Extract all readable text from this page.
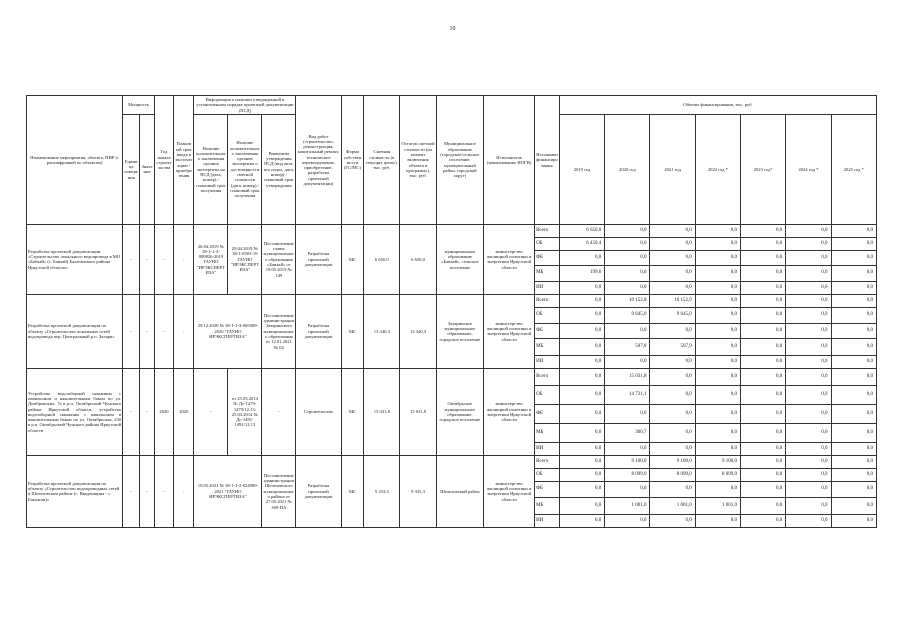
10
Наименование мероприятия, объекта, ПИР (с расшифровкой по объектам)	Мощность		Год начала строительства	Плановый срок ввода в эксплуатацию / приобретения	Информация о наличии утвержденной в установленном порядке проектной документации (ПСД)			Вид работ (строительство, реконструкция, капитальный ремонт, техническое перевооружение, приобретение, разработка проектной документации)	Форма собственности (ГС/МС)	Сметная стоимость (в текущих ценах), тыс. руб.	Остаток сметной стоимости (на момент включения объекта в программу), тыс. руб.	Муниципальное образование (городское/сельское поселение, муниципальный район, городской округ)	Исполнитель (наименование ИОГВ)	Источники финансирования	Объемы финансирования, тыс. руб.						
	Единица измерения	Значение			Наличие положительного заключения органов экспертизы на ПСД (дата, номер) / плановый срок получения	Наличие положительного заключения органов экспертизы о достоверности сметной стоимости (дата, номер) / плановый срок получения	Реквизиты утверждения ПСД (вид акта, кто издал, дата, номер) / плановый срок утверждения								2019 год	2020 год	2021 год	2022 год *	2023 год*	2024 год *	2025 год *

Разработка проектной документации «Строительство локального водопровода в МО «Бабхай» (с. Бавхай) Балаганского района Иркутской области»	-	-	-	-	26.04.2019 № 38-1-1-3-009826-2019 ГАУИО "ИРЭКСПЕРТИЗА"	29.04.2019 № 38-1-0503-19 ГАУИО "ИРЭКСПЕРТИЗА"	Постановление главы муниципального образования «Бавхай» от 19.05.2019 № 149	Разработка проектной документации	МС	6 650,0	6 650,0	муниципальное образование «Бавхай», сельское поселение	министерство жилищной политики и энергетики Иркутской области	Всего	6 650,0	0,0	0,0	0,0	0,0	0,0	0,0
														ОБ	6 450,4	0,0	0,0	0,0	0,0	0,0	0,0
														ФБ	0,0	0,0	0,0	0,0	0,0	0,0	0,0
														МБ	199,6	0,0	0,0	0,0	0,0	0,0	0,0
														ИИ	0,0	0,0	0,0	0,0	0,0	0,0	0,0
Разработка проектной документации по объекту «Строительство локальных сетей водопровода пер. Центральный р.п. Залари»	-	-	-	-	29.12.2020 № 38-1-1-3-069309-2020 "ГАУИО ИРЭКСПЕРТИЗА"		Постановление администрации Заларинского муниципального образования от 12.01.2021 № 02	Разработка проектной документации	МС	13 340,3	13 340,3	Заларинское муниципальное образование, городское поселение	министерство жилищной политики и энергетики Иркутской области	Всего	0,0	10 152,8	10 152,9	0,0	0,0	0,0	0,0
														ОБ	0,0	9 645,0	9 645,0	0,0	0,0	0,0	0,0
														ФБ	0,0	0,0	0,0	0,0	0,0	0,0	0,0
														МБ	0,0	507,8	507,9	0,0	0,0	0,0	0,0
														ИИ	0,0	0,0	0,0	0,0	0,0	0,0	0,0
Устройство водозаборной скважины с павильоном и накопительным баком по ул. Домбровских, 7а в р.п. Октябрьский Чунского района Иркутской области, устройство водозаборной скважины с павильоном и накопительным баком по ул. Октябрьская, 23б в р.п. Октябрьский Чунского района Иркутской области	-	-	2020	2020	-	от 25.03.2014 № Дс-1479-1479/12.13; 25.03.2014 № Дс-1491-1491/12.13	-	Строительство	МС	15 031,8	15 031,8	Октябрьское муниципальное образование, городское поселение	министерство жилищной политики и энергетики Иркутской области	Всего	0,0	15 031,8	0,0	0,0	0,0	0,0	0,0
														ОБ	0,0	14 731,1	0,0	0,0	0,0	0,0	0,0
														ФБ	0,0	0,0	0,0	0,0	0,0	0,0	0,0
														МБ	0,0	300,7	0,0	0,0	0,0	0,0	0,0
														ИИ	0,0	0,0	0,0	0,0	0,0	0,0	0,0
Разработка проектной документации по объекту «Строительство водопроводных сетей в Шелеховском районе (с. Введенщина - с. Баклаши)»	-	-	-	-	19.05.2021 № 38-1-1-2-024989-2021 "ГАУИО ИРЭКСПЕРТИЗА"		Постановление администрации Шелеховского муниципального района от 27.05.2021 № 309-ПА	Разработка проектной документации	МС	9 333,3	9 333,3	Шелеховский район	министерство жилищной политики и энергетики Иркутской области	Всего	0,0	9 100,0	9 100,0	9 100,0	0,0	0,0	0,0
														ОБ	0,0	8 099,0	8 099,0	8 099,0	0,0	0,0	0,0
														ФБ	0,0	0,0	0,0	0,0	0,0	0,0	0,0
														МБ	0,0	1 001,0	1 001,0	1 001,0	0,0	0,0	0,0
														ИИ	0,0	0,0	0,0	0,0	0,0	0,0	0,0
